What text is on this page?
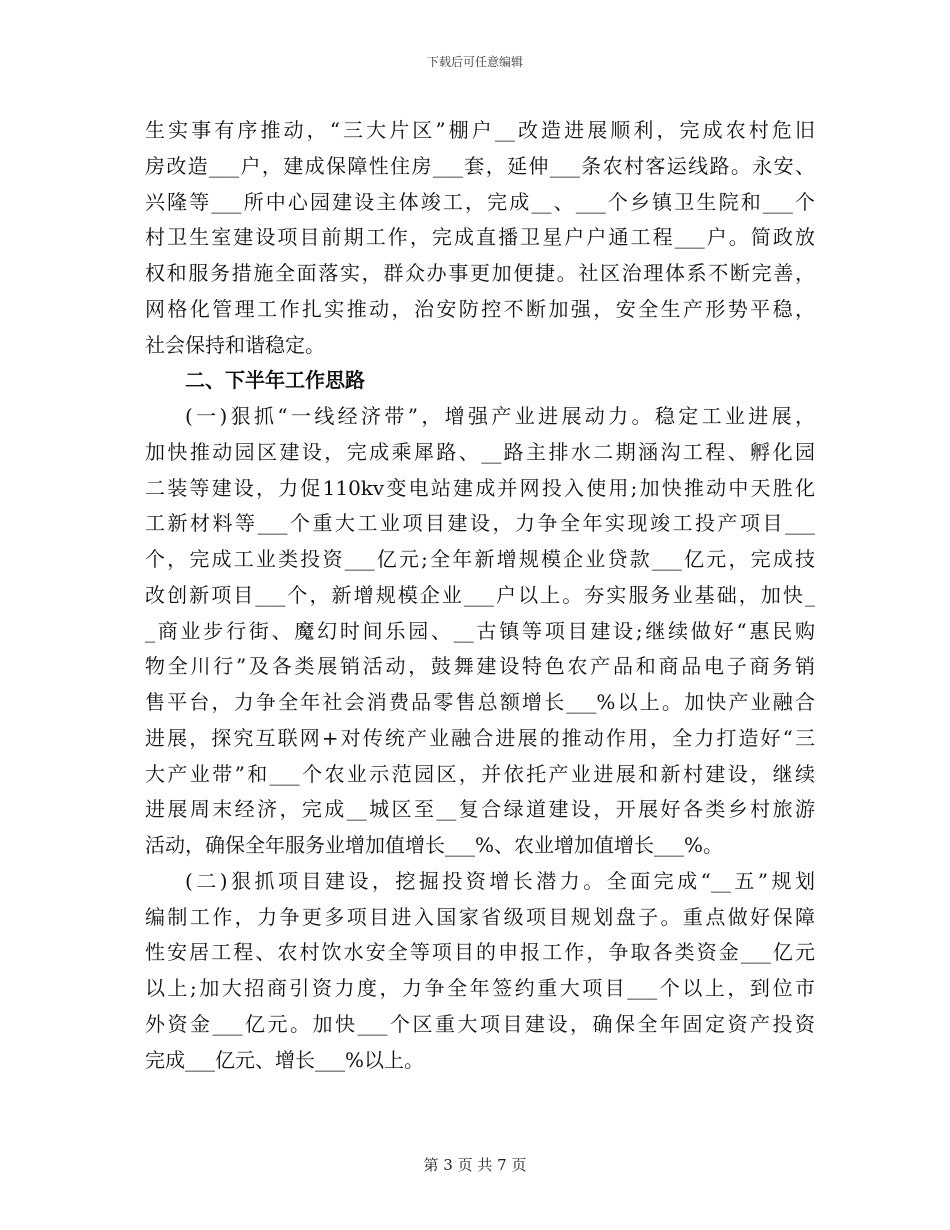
下载后可任意编辑
生实事有序推动，“三大片区”棚户__改造进展顺利，完成农村危旧
房改造___户，建成保障性住房___套，延伸___条农村客运线路。永安、
兴隆等___所中心园建设主体竣工，完成__、___个乡镇卫生院和___个
村卫生室建设项目前期工作，完成直播卫星户户通工程___户。简政放
权和服务措施全面落实，群众办事更加便捷。社区治理体系不断完善，
网格化管理工作扎实推动，治安防控不断加强，安全生产形势平稳，
社会保持和谐稳定。
二、下半年工作思路
(一)狠抓“一线经济带”，增强产业进展动力。稳定工业进展，
加快推动园区建设，完成乘犀路、__路主排水二期涵沟工程、孵化园
二装等建设，力促110kv变电站建成并网投入使用;加快推动中天胜化
工新材料等___个重大工业项目建设，力争全年实现竣工投产项目___
个，完成工业类投资___亿元;全年新增规模企业贷款___亿元，完成技
改创新项目___个，新增规模企业___户以上。夯实服务业基础，加快_
_商业步行街、魔幻时间乐园、__古镇等项目建设;继续做好“惠民购
物全川行”及各类展销活动，鼓舞建设特色农产品和商品电子商务销
售平台，力争全年社会消费品零售总额增长___%以上。加快产业融合
进展，探究互联网+对传统产业融合进展的推动作用，全力打造好“三
大产业带”和___个农业示范园区，并依托产业进展和新村建设，继续
进展周末经济，完成__城区至__复合绿道建设，开展好各类乡村旅游
活动，确保全年服务业增加值增长___%、农业增加值增长___%。
(二)狠抓项目建设，挖掘投资增长潜力。全面完成“__五”规划
编制工作，力争更多项目进入国家省级项目规划盘子。重点做好保障
性安居工程、农村饮水安全等项目的申报工作，争取各类资金___亿元
以上;加大招商引资力度，力争全年签约重大项目___个以上，到位市
外资金___亿元。加快___个区重大项目建设，确保全年固定资产投资
完成___亿元、增长___%以上。
第 3 页 共 7 页
